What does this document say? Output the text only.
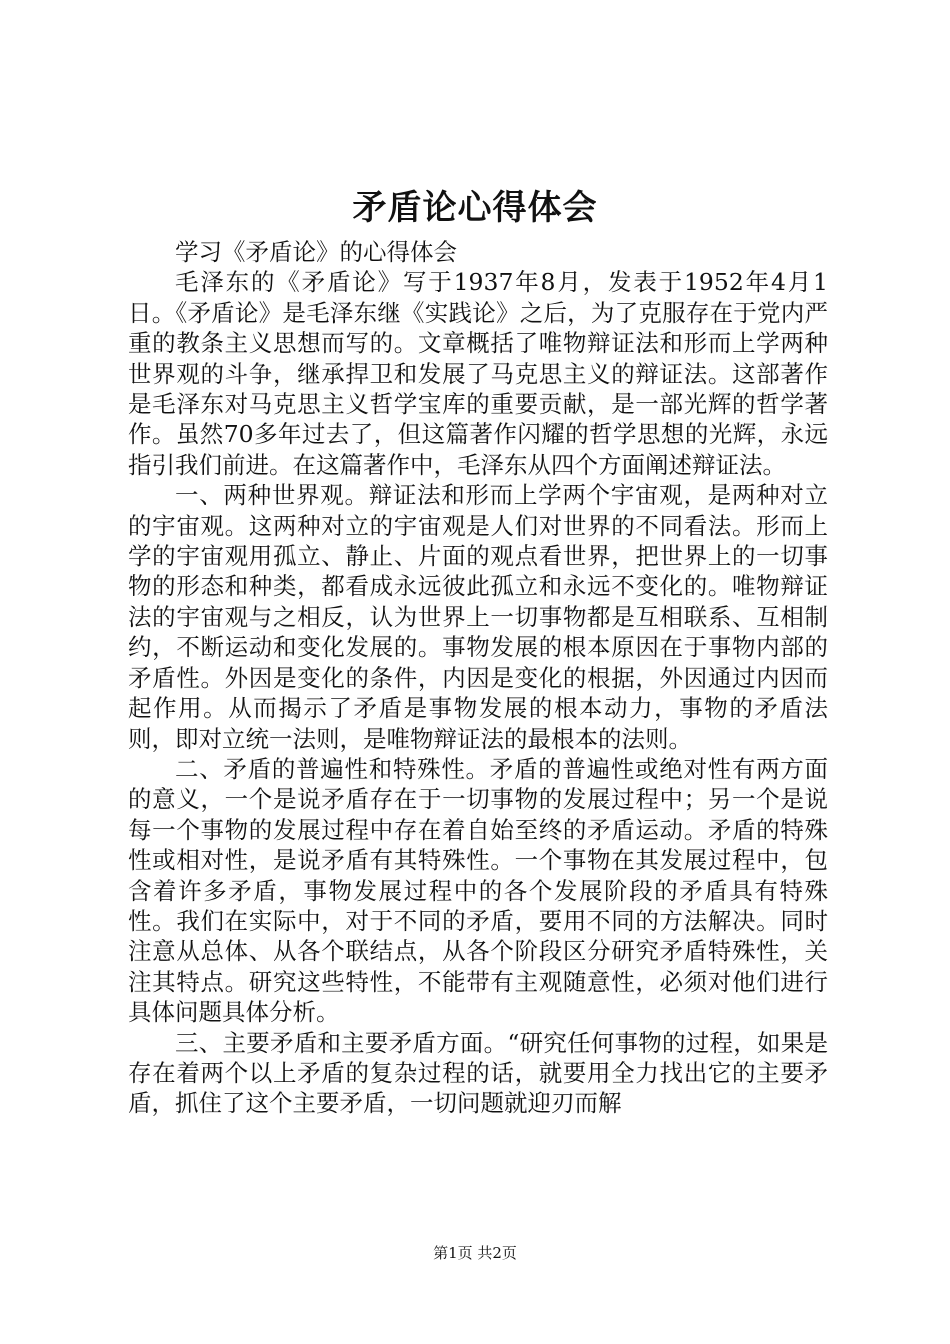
矛盾论心得体会

学习《矛盾论》的心得体会

毛泽东的《矛盾论》写于1937年8月，发表于1952年4月1日。《矛盾论》是毛泽东继《实践论》之后，为了克服存在于党内严重的教条主义思想而写的。文章概括了唯物辩证法和形而上学两种世界观的斗争，继承捍卫和发展了马克思主义的辩证法。这部著作是毛泽东对马克思主义哲学宝库的重要贡献，是一部光辉的哲学著作。虽然70多年过去了，但这篇著作闪耀的哲学思想的光辉，永远指引我们前进。在这篇著作中，毛泽东从四个方面阐述辩证法。

一、两种世界观。辩证法和形而上学两个宇宙观，是两种对立的宇宙观。这两种对立的宇宙观是人们对世界的不同看法。形而上学的宇宙观用孤立、静止、片面的观点看世界，把世界上的一切事物的形态和种类，都看成永远彼此孤立和永远不变化的。唯物辩证法的宇宙观与之相反，认为世界上一切事物都是互相联系、互相制约，不断运动和变化发展的。事物发展的根本原因在于事物内部的矛盾性。外因是变化的条件，内因是变化的根据，外因通过内因而起作用。从而揭示了矛盾是事物发展的根本动力，事物的矛盾法则，即对立统一法则，是唯物辩证法的最根本的法则。

二、矛盾的普遍性和特殊性。矛盾的普遍性或绝对性有两方面的意义，一个是说矛盾存在于一切事物的发展过程中；另一个是说每一个事物的发展过程中存在着自始至终的矛盾运动。矛盾的特殊性或相对性，是说矛盾有其特殊性。一个事物在其发展过程中，包含着许多矛盾，事物发展过程中的各个发展阶段的矛盾具有特殊性。我们在实际中，对于不同的矛盾，要用不同的方法解决。同时注意从总体、从各个联结点，从各个阶段区分研究矛盾特殊性，关注其特点。研究这些特性，不能带有主观随意性，必须对他们进行具体问题具体分析。

三、主要矛盾和主要矛盾方面。“研究任何事物的过程，如果是存在着两个以上矛盾的复杂过程的话，就要用全力找出它的主要矛盾，抓住了这个主要矛盾，一切问题就迎刃而解

第1页 共2页
